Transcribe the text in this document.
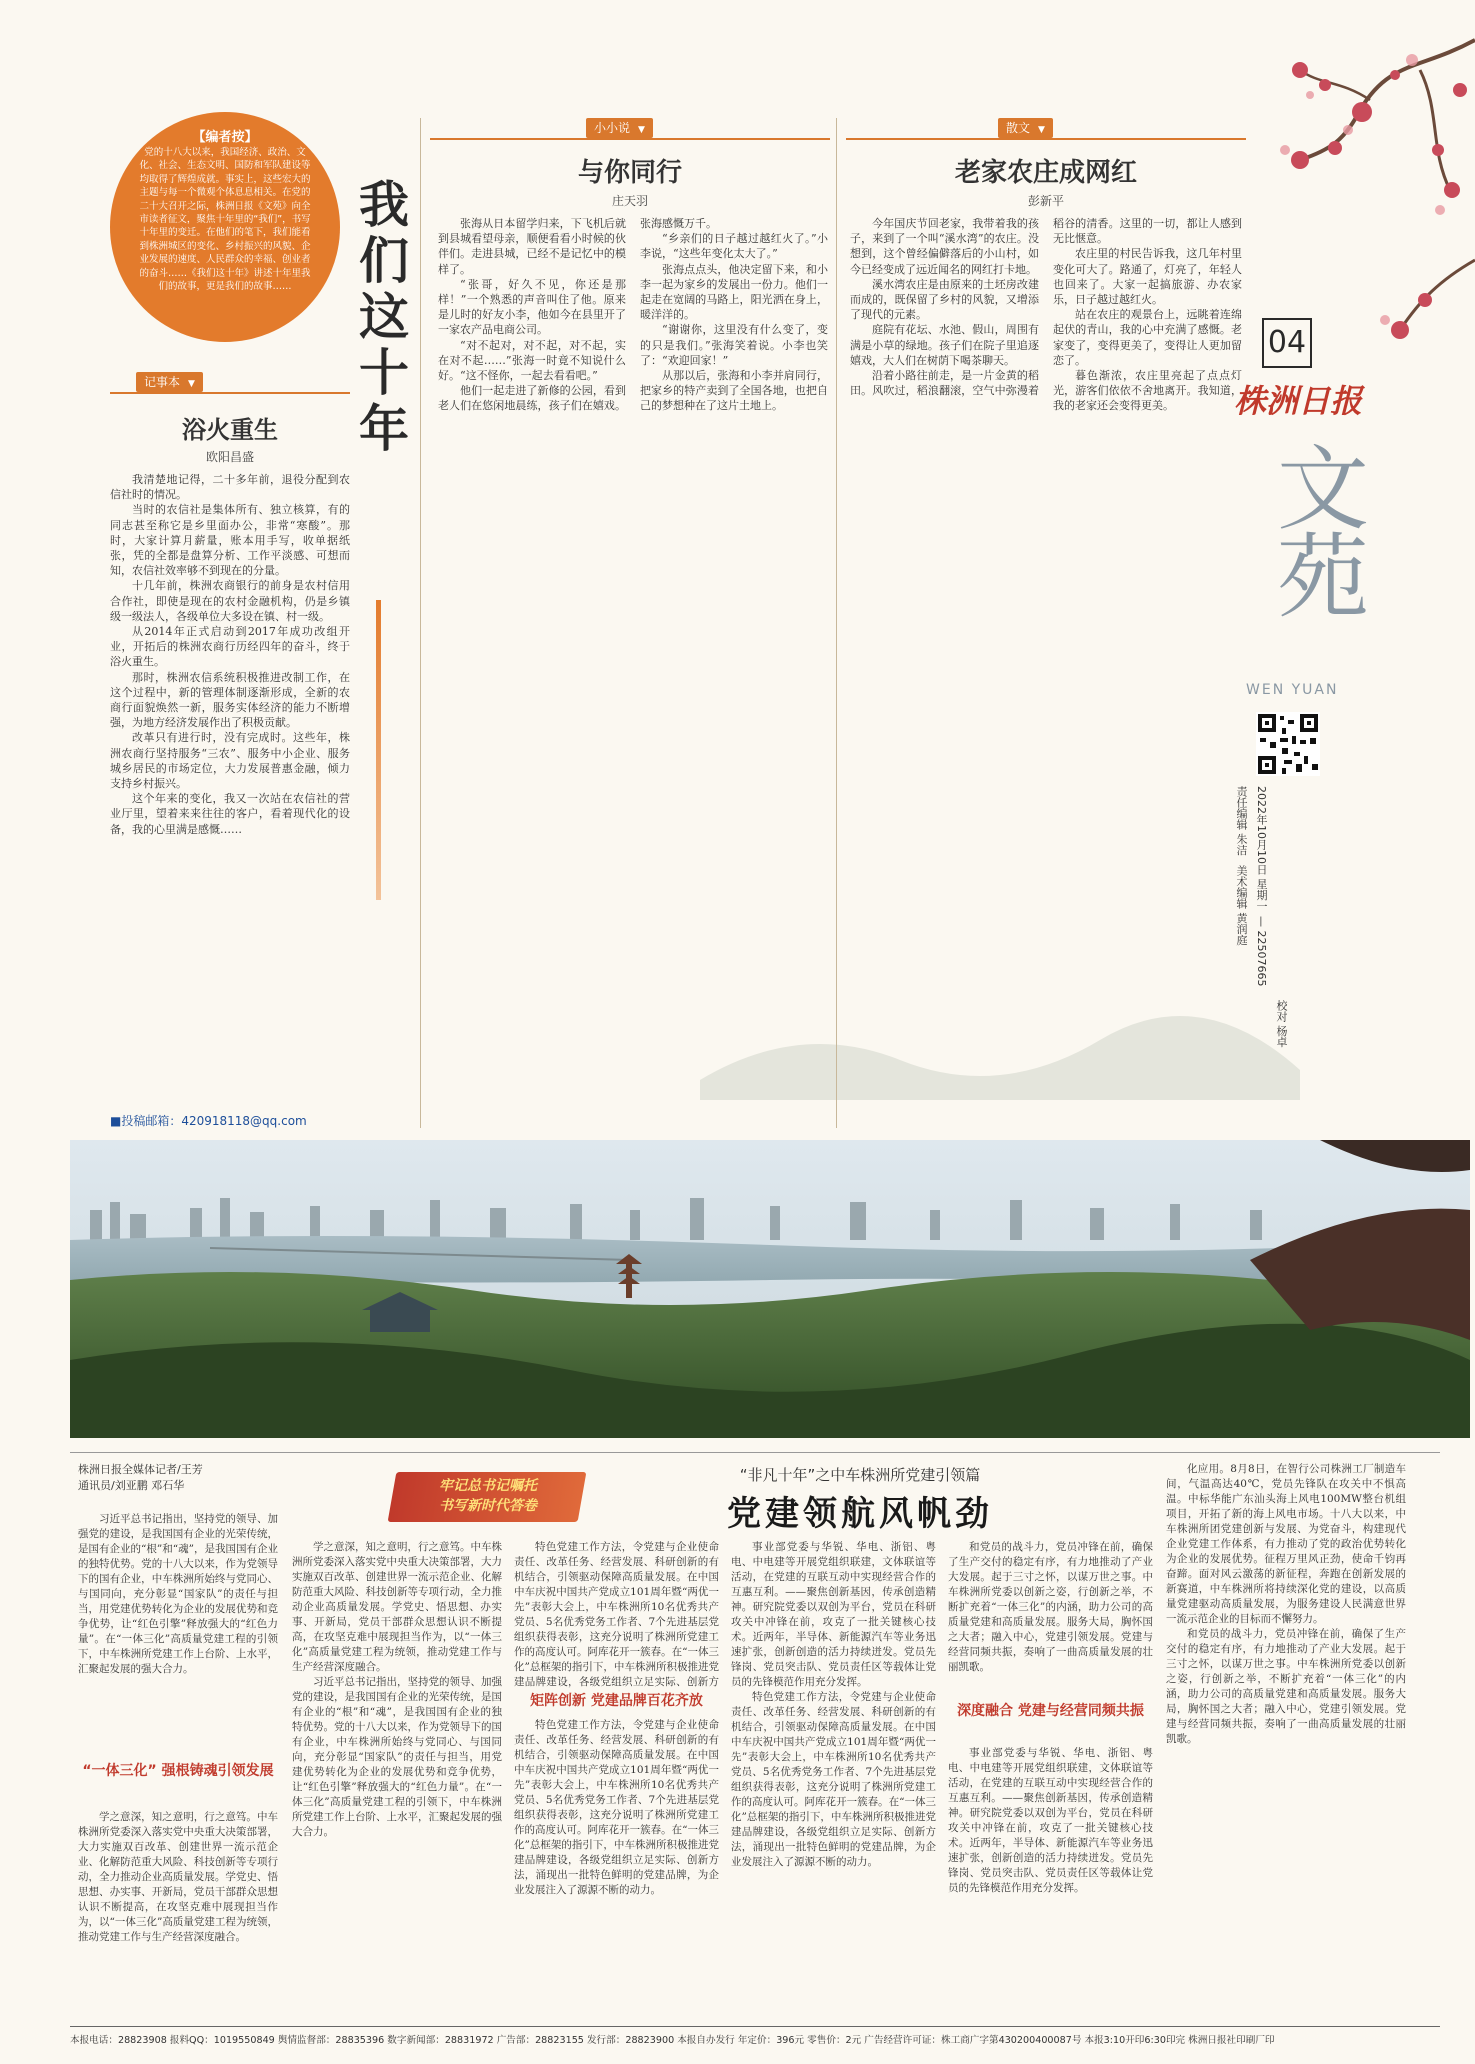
【编者按】
党的十八大以来，我国经济、政治、文化、社会、生态文明、国防和军队建设等均取得了辉煌成就。事实上，这些宏大的主题与每一个微观个体息息相关。在党的二十大召开之际，株洲日报《文苑》向全市读者征文，聚焦十年里的“我们”，书写十年里的变迁。在他们的笔下，我们能看到株洲城区的变化、乡村振兴的风貌、企业发展的速度、人民群众的幸福、创业者的奋斗……《我们这十年》讲述十年里我们的故事，更是我们的故事……	我们这十年
记事本 ▼
浴火重生
欧阳昌盛

我清楚地记得，二十多年前，退役分配到农信社时的情况。

当时的农信社是集体所有、独立核算，有的同志甚至称它是乡里面办公，非常“寒酸”。那时，大家计算月薪量，账本用手写，收单据纸张，凭的全都是盘算分析、工作平淡感、可想而知，农信社效率够不到现在的分量。

十几年前，株洲农商银行的前身是农村信用合作社，即使是现在的农村金融机构，仍是乡镇级一级法人，各级单位大多设在镇、村一级。

从2014年正式启动到2017年成功改组开业，开拓后的株洲农商行历经四年的奋斗，终于浴火重生。

那时，株洲农信系统积极推进改制工作，在这个过程中，新的管理体制逐渐形成，全新的农商行面貌焕然一新，服务实体经济的能力不断增强，为地方经济发展作出了积极贡献。

改革只有进行时，没有完成时。这些年，株洲农商行坚持服务“三农”、服务中小企业、服务城乡居民的市场定位，大力发展普惠金融，倾力支持乡村振兴。

这个年来的变化，我又一次站在农信社的营业厅里，望着来来往往的客户，看着现代化的设备，我的心里满是感慨……

■投稿邮箱：420918118@qq.com
小小说 ▼
与你同行
庄天羽

张海从日本留学归来，下飞机后就到县城看望母亲，顺便看看小时候的伙伴们。走进县城，已经不是记忆中的模样了。

“张哥，好久不见，你还是那样！”一个熟悉的声音叫住了他。原来是儿时的好友小李，他如今在县里开了一家农产品电商公司。

“对不起对，对不起，对不起，实在对不起……”张海一时竟不知说什么好。“这不怪你，一起去看看吧。”

他们一起走进了新修的公园，看到老人们在悠闲地晨练，孩子们在嬉戏。张海感慨万千。

“乡亲们的日子越过越红火了。”小李说，“这些年变化太大了。”

张海点点头，他决定留下来，和小李一起为家乡的发展出一份力。他们一起走在宽阔的马路上，阳光洒在身上，暖洋洋的。

“谢谢你，这里没有什么变了，变的只是我们。”张海笑着说。小李也笑了：“欢迎回家！”

从那以后，张海和小李并肩同行，把家乡的特产卖到了全国各地，也把自己的梦想种在了这片土地上。

散文 ▼
老家农庄成网红
彭新平

今年国庆节回老家，我带着我的孩子，来到了一个叫“溪水湾”的农庄。没想到，这个曾经偏僻落后的小山村，如今已经变成了远近闻名的网红打卡地。

溪水湾农庄是由原来的土坯房改建而成的，既保留了乡村的风貌，又增添了现代的元素。

庭院有花坛、水池、假山，周围有满是小草的绿地。孩子们在院子里追逐嬉戏，大人们在树荫下喝茶聊天。

沿着小路往前走，是一片金黄的稻田。风吹过，稻浪翻滚，空气中弥漫着稻谷的清香。这里的一切，都让人感到无比惬意。

农庄里的村民告诉我，这几年村里变化可大了。路通了，灯亮了，年轻人也回来了。大家一起搞旅游、办农家乐，日子越过越红火。

站在农庄的观景台上，远眺着连绵起伏的青山，我的心中充满了感慨。老家变了，变得更美了，变得让人更加留恋了。

暮色渐浓，农庄里亮起了点点灯光，游客们依依不舍地离开。我知道，我的老家还会变得更美。

04
株洲日报
文苑
WEN YUAN
责任编辑 朱洁 美术编辑 黄润庭 2022年10月10日 星期一—22507665
校对 杨卓
株洲日报全媒体记者/王芳
通讯员/刘亚鹏 邓石华	牢记总书记嘱托
书写新时代答卷
“非凡十年”之中车株洲所党建引领篇
党建领航风帆劲

习近平总书记指出，坚持党的领导、加强党的建设，是我国国有企业的光荣传统，是国有企业的“根”和“魂”，是我国国有企业的独特优势。党的十八大以来，作为党领导下的国有企业，中车株洲所始终与党同心、与国同向，充分彰显“国家队”的责任与担当，用党建优势转化为企业的发展优势和竞争优势，让“红色引擎”释放强大的“红色力量”。在“一体三化”高质量党建工程的引领下，中车株洲所党建工作上台阶、上水平，汇聚起发展的强大合力。

“一体三化” 强根铸魂引领发展

学之意深，知之意明，行之意笃。中车株洲所党委深入落实党中央重大决策部署，大力实施双百改革、创建世界一流示范企业、化解防范重大风险、科技创新等专项行动，全力推动企业高质量发展。学党史、悟思想、办实事、开新局，党员干部群众思想认识不断提高，在攻坚克难中展现担当作为，以“一体三化”高质量党建工程为统领，推动党建工作与生产经营深度融合。

学之意深，知之意明，行之意笃。中车株洲所党委深入落实党中央重大决策部署，大力实施双百改革、创建世界一流示范企业、化解防范重大风险、科技创新等专项行动，全力推动企业高质量发展。学党史、悟思想、办实事、开新局，党员干部群众思想认识不断提高，在攻坚克难中展现担当作为，以“一体三化”高质量党建工程为统领，推动党建工作与生产经营深度融合。

习近平总书记指出，坚持党的领导、加强党的建设，是我国国有企业的光荣传统，是国有企业的“根”和“魂”，是我国国有企业的独特优势。党的十八大以来，作为党领导下的国有企业，中车株洲所始终与党同心、与国同向，充分彰显“国家队”的责任与担当，用党建优势转化为企业的发展优势和竞争优势，让“红色引擎”释放强大的“红色力量”。在“一体三化”高质量党建工程的引领下，中车株洲所党建工作上台阶、上水平，汇聚起发展的强大合力。

特色党建工作方法，令党建与企业使命责任、改革任务、经营发展、科研创新的有机结合，引领驱动保障高质量发展。在中国中车庆祝中国共产党成立101周年暨“两优一先”表彰大会上，中车株洲所10名优秀共产党员、5名优秀党务工作者、7个先进基层党组织获得表彰，这充分说明了株洲所党建工作的高度认可。阿库花开一簇春。在“一体三化”总框架的指引下，中车株洲所积极推进党建品牌建设，各级党组织立足实际、创新方

矩阵创新 党建品牌百花齐放

特色党建工作方法，令党建与企业使命责任、改革任务、经营发展、科研创新的有机结合，引领驱动保障高质量发展。在中国中车庆祝中国共产党成立101周年暨“两优一先”表彰大会上，中车株洲所10名优秀共产党员、5名优秀党务工作者、7个先进基层党组织获得表彰，这充分说明了株洲所党建工作的高度认可。阿库花开一簇春。在“一体三化”总框架的指引下，中车株洲所积极推进党建品牌建设，各级党组织立足实际、创新方法，涌现出一批特色鲜明的党建品牌，为企业发展注入了源源不断的动力。

事业部党委与华锐、华电、浙铝、粤电、中电建等开展党组织联建，文体联谊等活动，在党建的互联互动中实现经营合作的互惠互利。——聚焦创新基因，传承创造精神。研究院党委以双创为平台，党员在科研攻关中冲锋在前，攻克了一批关键核心技术。近两年，半导体、新能源汽车等业务迅速扩张，创新创造的活力持续迸发。党员先锋岗、党员突击队、党员责任区等载体让党员的先锋模范作用充分发挥。

特色党建工作方法，令党建与企业使命责任、改革任务、经营发展、科研创新的有机结合，引领驱动保障高质量发展。在中国中车庆祝中国共产党成立101周年暨“两优一先”表彰大会上，中车株洲所10名优秀共产党员、5名优秀党务工作者、7个先进基层党组织获得表彰，这充分说明了株洲所党建工作的高度认可。阿库花开一簇春。在“一体三化”总框架的指引下，中车株洲所积极推进党建品牌建设，各级党组织立足实际、创新方法，涌现出一批特色鲜明的党建品牌，为企业发展注入了源源不断的动力。

和党员的战斗力，党员冲锋在前，确保了生产交付的稳定有序，有力地推动了产业大发展。起于三寸之怀，以谋万世之事。中车株洲所党委以创新之姿，行创新之举，不断扩充着“一体三化”的内涵，助力公司的高质量党建和高质量发展。服务大局，胸怀国之大者；融入中心，党建引领发展。党建与经营同频共振，奏响了一曲高质量发展的壮丽凯歌。

深度融合 党建与经营同频共振

事业部党委与华锐、华电、浙铝、粤电、中电建等开展党组织联建，文体联谊等活动，在党建的互联互动中实现经营合作的互惠互利。——聚焦创新基因，传承创造精神。研究院党委以双创为平台，党员在科研攻关中冲锋在前，攻克了一批关键核心技术。近两年，半导体、新能源汽车等业务迅速扩张，创新创造的活力持续迸发。党员先锋岗、党员突击队、党员责任区等载体让党员的先锋模范作用充分发挥。

化应用。8月8日，在智行公司株洲工厂制造车间，气温高达40℃，党员先锋队在攻关中不惧高温。中标华能广东汕头海上风电100MW整台机组项目，开拓了新的海上风电市场。十八大以来，中车株洲所团党建创新与发展、为党奋斗，构建现代企业党建工作体系，有力推动了党的政治优势转化为企业的发展优势。征程万里风正劲，使命千钧再奋蹄。面对风云激荡的新征程，奔跑在创新发展的新赛道，中车株洲所将持续深化党的建设，以高质量党建驱动高质量发展，为服务建设人民满意世界一流示范企业的目标而不懈努力。

和党员的战斗力，党员冲锋在前，确保了生产交付的稳定有序，有力地推动了产业大发展。起于三寸之怀，以谋万世之事。中车株洲所党委以创新之姿，行创新之举，不断扩充着“一体三化”的内涵，助力公司的高质量党建和高质量发展。服务大局，胸怀国之大者；融入中心，党建引领发展。党建与经营同频共振，奏响了一曲高质量发展的壮丽凯歌。

本报电话：28823908 报料QQ：1019550849 舆情监督部：28835396 数字新闻部：28831972 广告部：28823155 发行部：28823900 本报自办发行 年定价：396元 零售价：2元 广告经营许可证：株工商广字第430200400087号 本报3:10开印6:30印完 株洲日报社印刷厂印
